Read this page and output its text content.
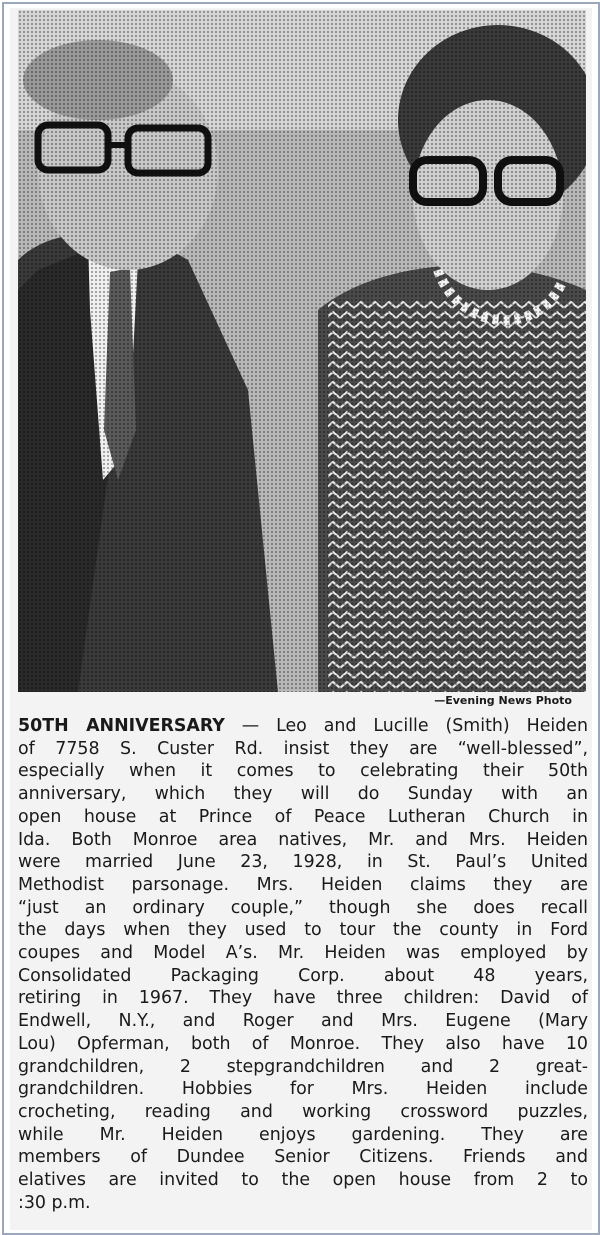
—Evening News Photo
50TH ANNIVERSARY — Leo and Lucille (Smith) Heiden
of 7758 S. Custer Rd. insist they are “well-blessed”,
especially when it comes to celebrating their 50th
anniversary, which they will do Sunday with an
open house at Prince of Peace Lutheran Church in
Ida. Both Monroe area natives, Mr. and Mrs. Heiden
were married June 23, 1928, in St. Paul’s United
Methodist parsonage. Mrs. Heiden claims they are
“just an ordinary couple,” though she does recall
the days when they used to tour the county in Ford
coupes and Model A’s. Mr. Heiden was employed by
Consolidated Packaging Corp. about 48 years,
retiring in 1967. They have three children: David of
Endwell, N.Y., and Roger and Mrs. Eugene (Mary
Lou) Opferman, both of Monroe. They also have 10
grandchildren, 2 stepgrandchildren and 2 great-
grandchildren. Hobbies for Mrs. Heiden include
crocheting, reading and working crossword puzzles,
while Mr. Heiden enjoys gardening. They are
members of Dundee Senior Citizens. Friends and
elatives are invited to the open house from 2 to
:30 p.m.
